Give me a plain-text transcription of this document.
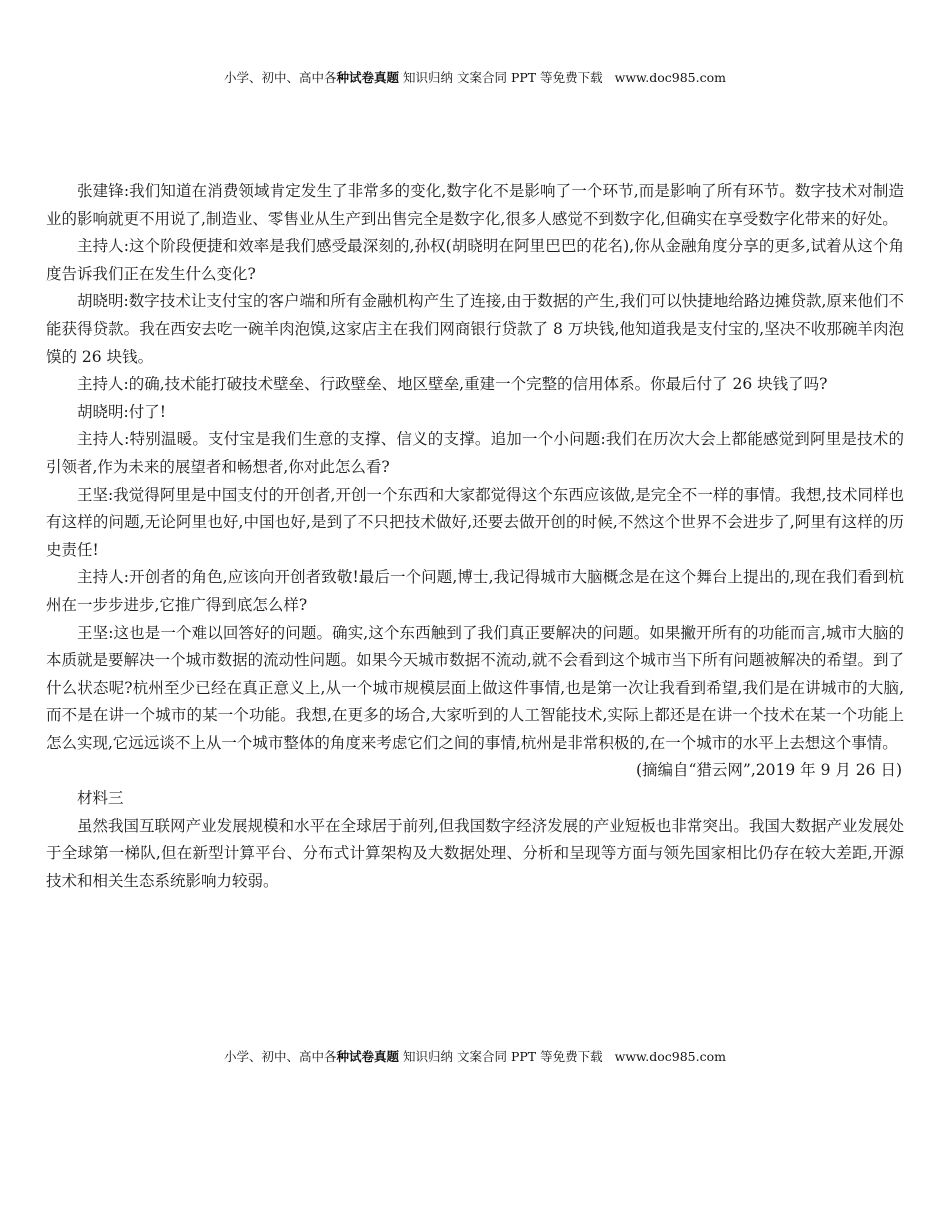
小学、初中、高中各种试卷真题 知识归纳 文案合同 PPT 等免费下载 www.doc985.com

张建锋:我们知道在消费领域肯定发生了非常多的变化,数字化不是影响了一个环节,而是影响了所有环节。数字技术对制造业的影响就更不用说了,制造业、零售业从生产到出售完全是数字化,很多人感觉不到数字化,但确实在享受数字化带来的好处。

主持人:这个阶段便捷和效率是我们感受最深刻的,孙权(胡晓明在阿里巴巴的花名),你从金融角度分享的更多,试着从这个角度告诉我们正在发生什么变化?

胡晓明:数字技术让支付宝的客户端和所有金融机构产生了连接,由于数据的产生,我们可以快捷地给路边摊贷款,原来他们不能获得贷款。我在西安去吃一碗羊肉泡馍,这家店主在我们网商银行贷款了 8 万块钱,他知道我是支付宝的,坚决不收那碗羊肉泡馍的 26 块钱。

主持人:的确,技术能打破技术壁垒、行政壁垒、地区壁垒,重建一个完整的信用体系。你最后付了 26 块钱了吗?

胡晓明:付了!

主持人:特别温暖。支付宝是我们生意的支撑、信义的支撑。追加一个小问题:我们在历次大会上都能感觉到阿里是技术的引领者,作为未来的展望者和畅想者,你对此怎么看?

王坚:我觉得阿里是中国支付的开创者,开创一个东西和大家都觉得这个东西应该做,是完全不一样的事情。我想,技术同样也有这样的问题,无论阿里也好,中国也好,是到了不只把技术做好,还要去做开创的时候,不然这个世界不会进步了,阿里有这样的历史责任!

主持人:开创者的角色,应该向开创者致敬!最后一个问题,博士,我记得城市大脑概念是在这个舞台上提出的,现在我们看到杭州在一步步进步,它推广得到底怎么样?

王坚:这也是一个难以回答好的问题。确实,这个东西触到了我们真正要解决的问题。如果撇开所有的功能而言,城市大脑的本质就是要解决一个城市数据的流动性问题。如果今天城市数据不流动,就不会看到这个城市当下所有问题被解决的希望。到了什么状态呢?杭州至少已经在真正意义上,从一个城市规模层面上做这件事情,也是第一次让我看到希望,我们是在讲城市的大脑,而不是在讲一个城市的某一个功能。我想,在更多的场合,大家听到的人工智能技术,实际上都还是在讲一个技术在某一个功能上怎么实现,它远远谈不上从一个城市整体的角度来考虑它们之间的事情,杭州是非常积极的,在一个城市的水平上去想这个事情。

(摘编自“猎云网”,2019 年 9 月 26 日)

材料三

虽然我国互联网产业发展规模和水平在全球居于前列,但我国数字经济发展的产业短板也非常突出。我国大数据产业发展处于全球第一梯队,但在新型计算平台、分布式计算架构及大数据处理、分析和呈现等方面与领先国家相比仍存在较大差距,开源技术和相关生态系统影响力较弱。

小学、初中、高中各种试卷真题 知识归纳 文案合同 PPT 等免费下载 www.doc985.com
